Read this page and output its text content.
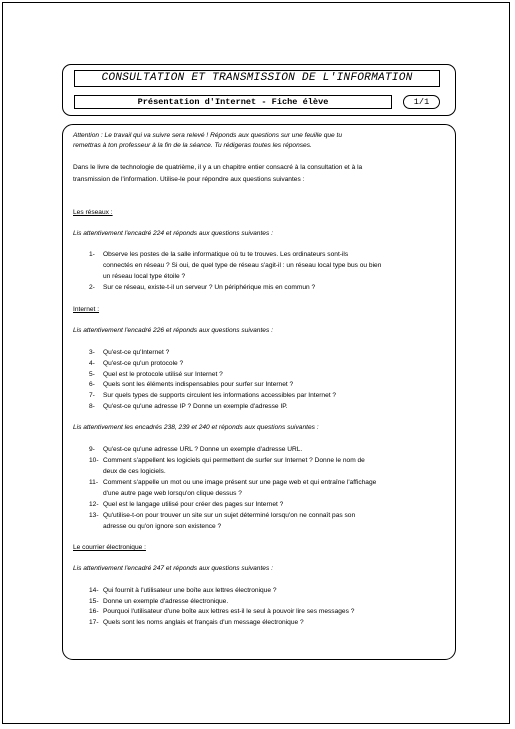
CONSULTATION ET TRANSMISSION DE L'INFORMATION
Présentation d'Internet - Fiche élève	1/1
Attention : Le travail qui va suivre sera relevé ! Réponds aux questions sur une feuille que tu
remettras à ton professeur à la fin de la séance. Tu rédigeras toutes les réponses.
Dans le livre de technologie de quatrième, il y a un chapitre entier consacré à la consultation et à la
transmission de l'information. Utilise-le pour répondre aux questions suivantes :
Les réseaux :
Lis attentivement l'encadré 224 et réponds aux questions suivantes :
1- Observe les postes de la salle informatique où tu te trouves. Les ordinateurs sont-ils
connectés en réseau ? Si oui, de quel type de réseau s'agit-il : un réseau local type bus ou bien
un réseau local type étoile ?
2- Sur ce réseau, existe-t-il un serveur ? Un périphérique mis en commun ?
Internet :
Lis attentivement l'encadré 226 et réponds aux questions suivantes :
3- Qu'est-ce qu'Internet ?
4- Qu'est-ce qu'un protocole ?
5- Quel est le protocole utilisé sur Internet ?
6- Quels sont les éléments indispensables pour surfer sur Internet ?
7- Sur quels types de supports circulent les informations accessibles par Internet ?
8- Qu'est-ce qu'une adresse IP ? Donne un exemple d'adresse IP.
Lis attentivement les encadrés 238, 239 et 240 et réponds aux questions suivantes :
9- Qu'est-ce qu'une adresse URL ? Donne un exemple d'adresse URL.
10- Comment s'appellent les logiciels qui permettent de surfer sur Internet ? Donne le nom de
deux de ces logiciels.
11- Comment s'appelle un mot ou une image présent sur une page web et qui entraîne l'affichage
d'une autre page web lorsqu'on clique dessus ?
12- Quel est le langage utilisé pour créer des pages sur Internet ?
13- Qu'utilise-t-on pour trouver un site sur un sujet déterminé lorsqu'on ne connaît pas son
adresse ou qu'on ignore son existence ?
Le courrier électronique :
Lis attentivement l'encadré 247 et réponds aux questions suivantes :
14- Qui fournit à l'utilisateur une boîte aux lettres électronique ?
15- Donne un exemple d'adresse électronique.
16- Pourquoi l'utilisateur d'une boîte aux lettres est-il le seul à pouvoir lire ses messages ?
17- Quels sont les noms anglais et français d'un message électronique ?
